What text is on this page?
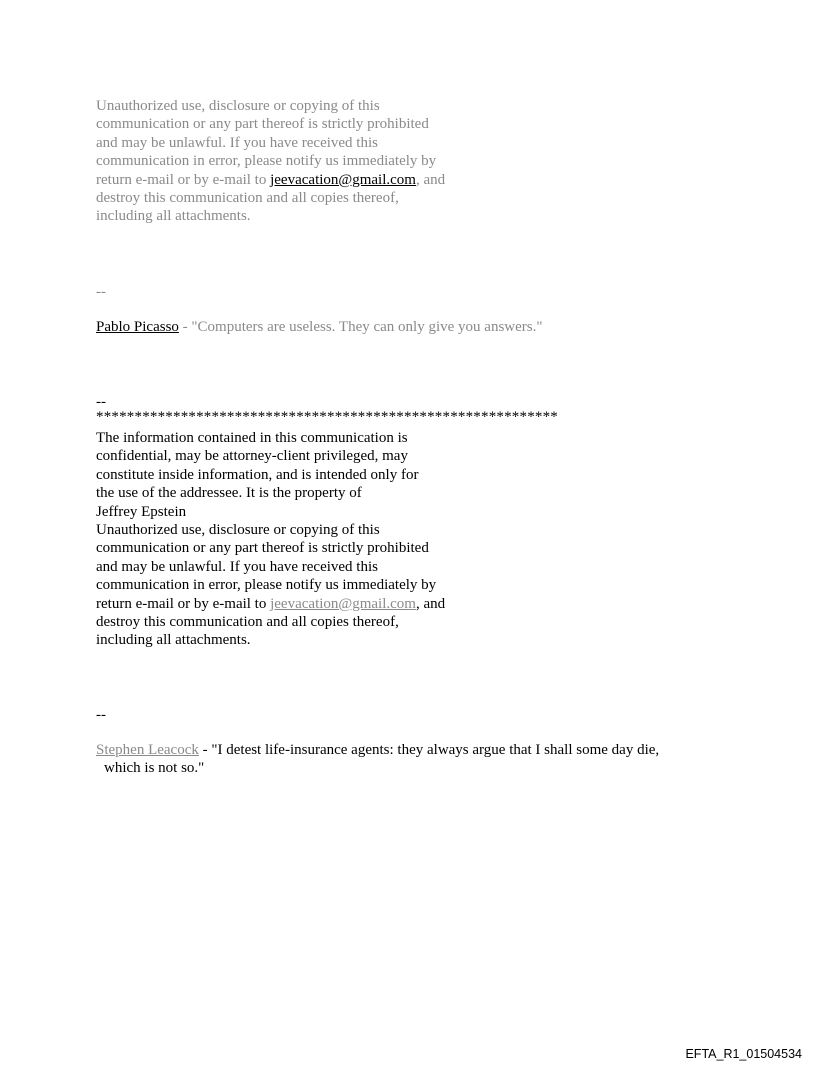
Unauthorized use, disclosure or copying of this
communication or any part thereof is strictly prohibited
and may be unlawful. If you have received this
communication in error, please notify us immediately by
return e-mail or by e-mail to jeevacation@gmail.com, and
destroy this communication and all copies thereof,
including all attachments.
--
Pablo Picasso - "Computers are useless. They can only give you answers."
--
************************************************************
The information contained in this communication is
confidential, may be attorney-client privileged, may
constitute inside information, and is intended only for
the use of the addressee. It is the property of
Jeffrey Epstein
Unauthorized use, disclosure or copying of this
communication or any part thereof is strictly prohibited
and may be unlawful. If you have received this
communication in error, please notify us immediately by
return e-mail or by e-mail to jeevacation@gmail.com, and
destroy this communication and all copies thereof,
including all attachments.
--
Stephen Leacock - "I detest life-insurance agents: they always argue that I shall some day die,
which is not so."
EFTA_R1_01504534
